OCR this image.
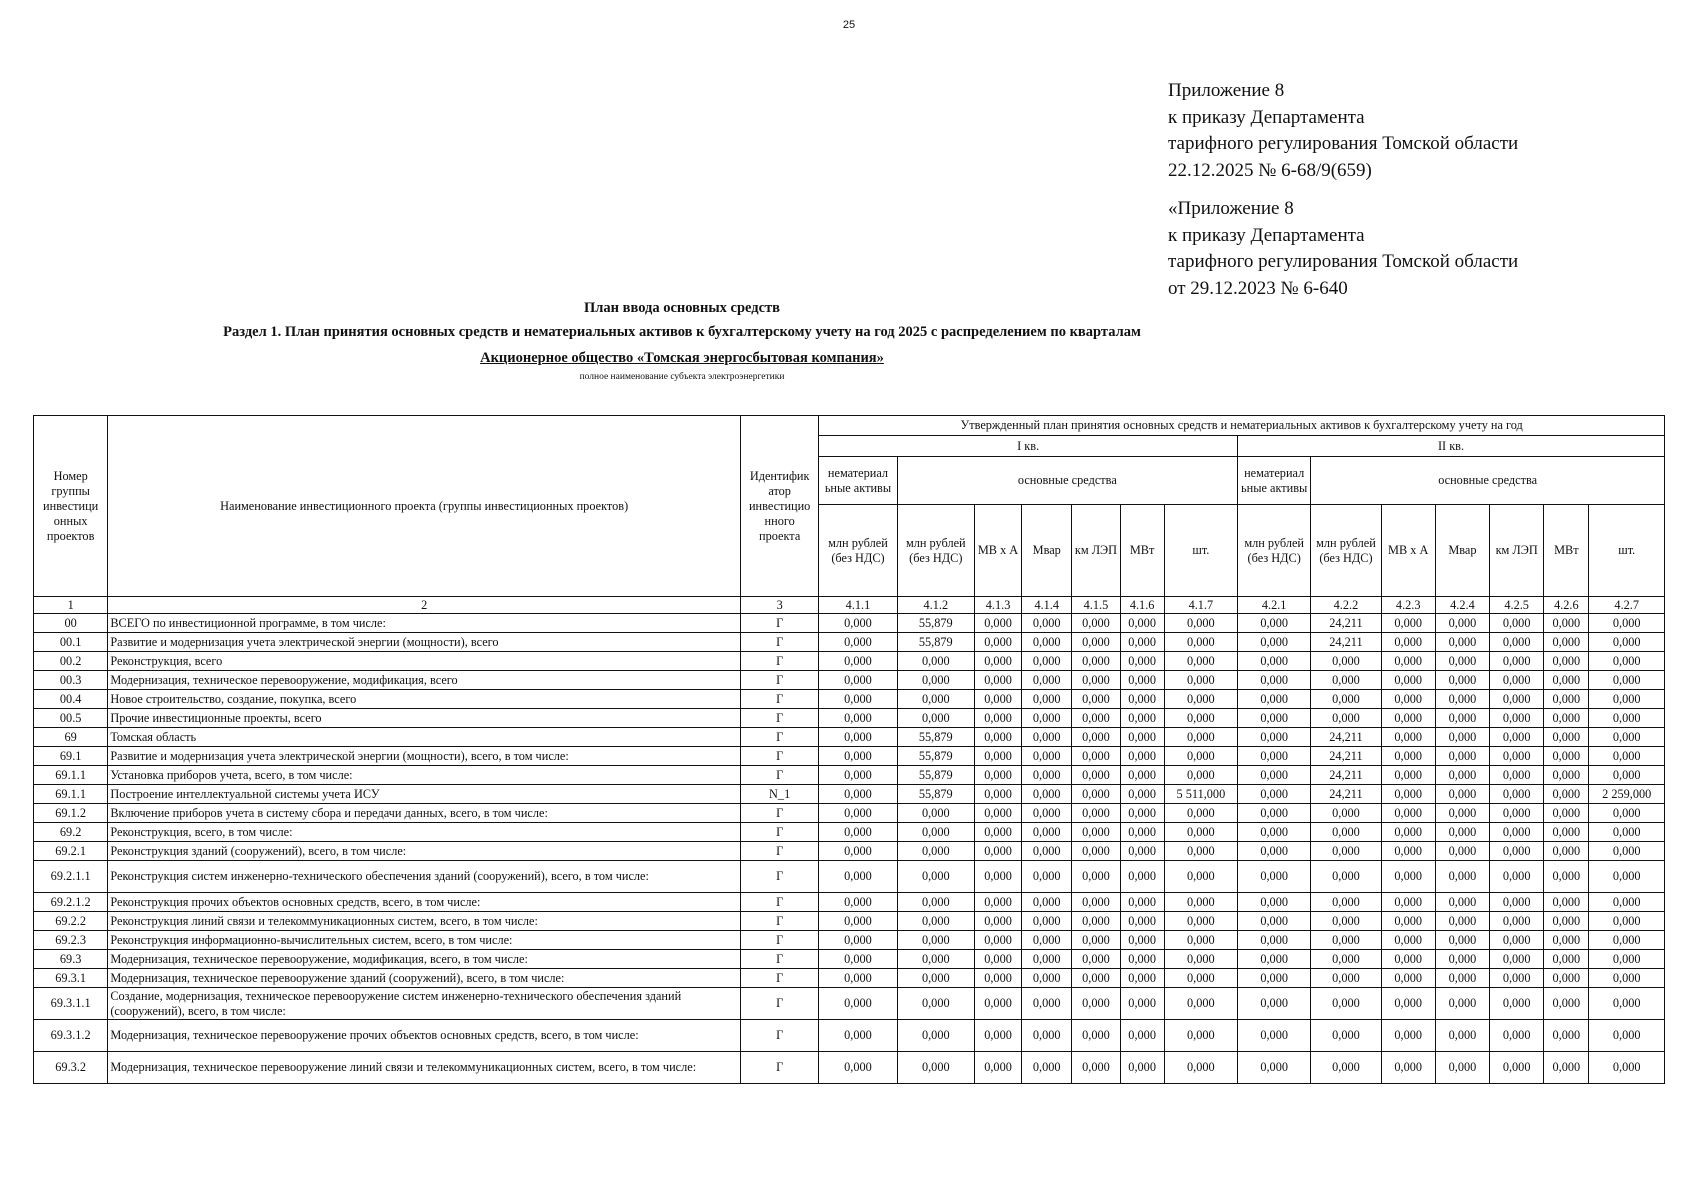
25
Приложение 8
к приказу Департамента
тарифного регулирования Томской области
22.12.2025 № 6-68/9(659)
«Приложение 8
к приказу Департамента
тарифного регулирования Томской области
от 29.12.2023 № 6-640
План ввода основных средств
Раздел 1. План принятия основных средств и нематериальных активов к бухгалтерскому учету на год 2025 с распределением по кварталам
Акционерное общество «Томская энергосбытовая компания»
полное наименование субъекта электроэнергетики
Номер группы инвестици онных проектов	Наименование инвестиционного проекта (группы инвестиционных проектов)	Идентифик атор инвестицио нного проекта	Утвержденный план принятия основных средств и нематериальных активов к бухгалтерскому учету на год													
			I кв.							II кв.						
			нематериал ьные активы	основные средства						нематериал ьные активы	основные средства					
			млн рублей (без НДС)	млн рублей (без НДС)	МВ х А	Мвар	км ЛЭП	МВт	шт.	млн рублей (без НДС)	млн рублей (без НДС)	МВ х А	Мвар	км ЛЭП	МВт	шт.
1	2	3	4.1.1	4.1.2	4.1.3	4.1.4	4.1.5	4.1.6	4.1.7	4.2.1	4.2.2	4.2.3	4.2.4	4.2.5	4.2.6	4.2.7
00	ВСЕГО по инвестиционной программе, в том числе:	Г	0,000	55,879	0,000	0,000	0,000	0,000	0,000	0,000	24,211	0,000	0,000	0,000	0,000	0,000
00.1	Развитие и модернизация учета электрической энергии (мощности), всего	Г	0,000	55,879	0,000	0,000	0,000	0,000	0,000	0,000	24,211	0,000	0,000	0,000	0,000	0,000
00.2	Реконструкция, всего	Г	0,000	0,000	0,000	0,000	0,000	0,000	0,000	0,000	0,000	0,000	0,000	0,000	0,000	0,000
00.3	Модернизация, техническое перевооружение, модификация, всего	Г	0,000	0,000	0,000	0,000	0,000	0,000	0,000	0,000	0,000	0,000	0,000	0,000	0,000	0,000
00.4	Новое строительство, создание, покупка, всего	Г	0,000	0,000	0,000	0,000	0,000	0,000	0,000	0,000	0,000	0,000	0,000	0,000	0,000	0,000
00.5	Прочие инвестиционные проекты, всего	Г	0,000	0,000	0,000	0,000	0,000	0,000	0,000	0,000	0,000	0,000	0,000	0,000	0,000	0,000
69	Томская область	Г	0,000	55,879	0,000	0,000	0,000	0,000	0,000	0,000	24,211	0,000	0,000	0,000	0,000	0,000
69.1	Развитие и модернизация учета электрической энергии (мощности), всего, в том числе:	Г	0,000	55,879	0,000	0,000	0,000	0,000	0,000	0,000	24,211	0,000	0,000	0,000	0,000	0,000
69.1.1	Установка приборов учета, всего, в том числе:	Г	0,000	55,879	0,000	0,000	0,000	0,000	0,000	0,000	24,211	0,000	0,000	0,000	0,000	0,000
69.1.1	Построение интеллектуальной системы учета ИСУ	N_1	0,000	55,879	0,000	0,000	0,000	0,000	5 511,000	0,000	24,211	0,000	0,000	0,000	0,000	2 259,000
69.1.2	Включение приборов учета в систему сбора и передачи данных, всего, в том числе:	Г	0,000	0,000	0,000	0,000	0,000	0,000	0,000	0,000	0,000	0,000	0,000	0,000	0,000	0,000
69.2	Реконструкция, всего, в том числе:	Г	0,000	0,000	0,000	0,000	0,000	0,000	0,000	0,000	0,000	0,000	0,000	0,000	0,000	0,000
69.2.1	Реконструкция зданий (сооружений), всего, в том числе:	Г	0,000	0,000	0,000	0,000	0,000	0,000	0,000	0,000	0,000	0,000	0,000	0,000	0,000	0,000
69.2.1.1	Реконструкция систем инженерно-технического обеспечения зданий (сооружений), всего, в том числе:	Г	0,000	0,000	0,000	0,000	0,000	0,000	0,000	0,000	0,000	0,000	0,000	0,000	0,000	0,000
69.2.1.2	Реконструкция прочих объектов основных средств, всего, в том числе:	Г	0,000	0,000	0,000	0,000	0,000	0,000	0,000	0,000	0,000	0,000	0,000	0,000	0,000	0,000
69.2.2	Реконструкция линий связи и телекоммуникационных систем, всего, в том числе:	Г	0,000	0,000	0,000	0,000	0,000	0,000	0,000	0,000	0,000	0,000	0,000	0,000	0,000	0,000
69.2.3	Реконструкция информационно-вычислительных систем, всего, в том числе:	Г	0,000	0,000	0,000	0,000	0,000	0,000	0,000	0,000	0,000	0,000	0,000	0,000	0,000	0,000
69.3	Модернизация, техническое перевооружение, модификация, всего, в том числе:	Г	0,000	0,000	0,000	0,000	0,000	0,000	0,000	0,000	0,000	0,000	0,000	0,000	0,000	0,000
69.3.1	Модернизация, техническое перевооружение зданий (сооружений), всего, в том числе:	Г	0,000	0,000	0,000	0,000	0,000	0,000	0,000	0,000	0,000	0,000	0,000	0,000	0,000	0,000
69.3.1.1	Создание, модернизация, техническое перевооружение систем инженерно-технического обеспечения зданий (сооружений), всего, в том числе:	Г	0,000	0,000	0,000	0,000	0,000	0,000	0,000	0,000	0,000	0,000	0,000	0,000	0,000	0,000
69.3.1.2	Модернизация, техническое перевооружение прочих объектов основных средств, всего, в том числе:	Г	0,000	0,000	0,000	0,000	0,000	0,000	0,000	0,000	0,000	0,000	0,000	0,000	0,000	0,000
69.3.2	Модернизация, техническое перевооружение линий связи и телекоммуникационных систем, всего, в том числе:	Г	0,000	0,000	0,000	0,000	0,000	0,000	0,000	0,000	0,000	0,000	0,000	0,000	0,000	0,000
